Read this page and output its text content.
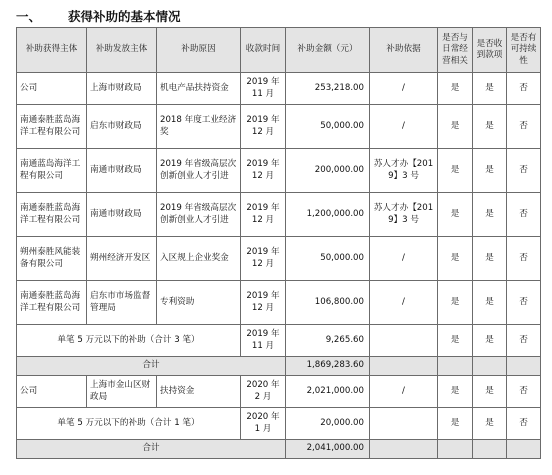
一、	获得补助的基本情况
补助获得主体	补助发放主体	补助原因	收款时间	补助金额（元）	补助依据	是否与日常经营相关	是否收到款项	是否有可持续性
公司	上海市财政局	机电产品扶持资金	2019 年 11 月	253,218.00	/	是	是	否
南通泰胜蓝岛海洋工程有限公司	启东市财政局	2018 年度工业经济奖	2019 年 12 月	50,000.00	/	是	是	否
南通蓝岛海洋工程有限公司	南通市财政局	2019 年省级高层次创新创业人才引进	2019 年 12 月	200,000.00	苏人才办【2019】3 号	是	是	否
南通泰胜蓝岛海洋工程有限公司	南通市财政局	2019 年省级高层次创新创业人才引进	2019 年 12 月	1,200,000.00	苏人才办【2019】3 号	是	是	否
朔州泰胜风能装备有限公司	朔州经济开发区	入区规上企业奖金	2019 年 12 月	50,000.00	/	是	是	否
南通泰胜蓝岛海洋工程有限公司	启东市市场监督管理局	专利资助	2019 年 12 月	106,800.00	/	是	是	否
单笔 5 万元以下的补助（合计 3 笔）			2019 年 11 月	9,265.60		是	是	否
合计				1,869,283.60				
公司	上海市金山区财政局	扶持资金	2020 年 2 月	2,021,000.00	/	是	是	否
单笔 5 万元以下的补助（合计 1 笔）			2020 年 1 月	20,000.00		是	是	否
合计				2,041,000.00				
